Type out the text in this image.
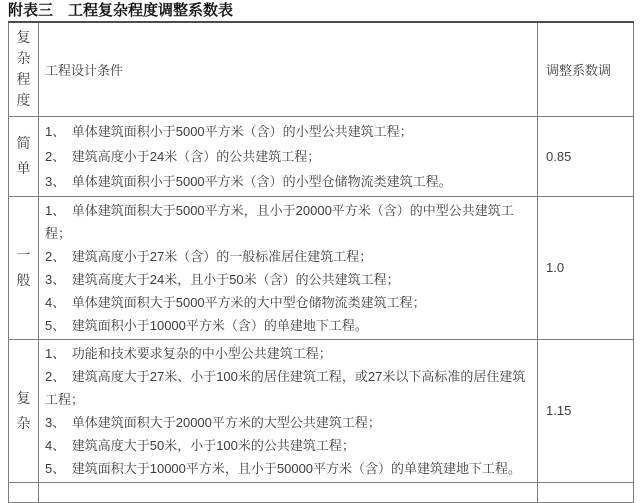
附表三　工程复杂程度调整系数表
复杂程度	工程设计条件	调整系数调
简单	1、　单体建筑面积小于5000平方米（含）的小型公共建筑工程；
2、　建筑高度小于24米（含）的公共建筑工程；
3、　单体建筑面积小于5000平方米（含）的小型仓储物流类建筑工程。	0.85
一般	1、　单体建筑面积大于5000平方米，且小于20000平方米（含）的中型公共建筑工程；
2、　建筑高度小于27米（含）的一般标准居住建筑工程；
3、　建筑高度大于24米，且小于50米（含）的公共建筑工程；
4、　单体建筑面积大于5000平方米的大中型仓储物流类建筑工程；
5、　建筑面积小于10000平方米（含）的单建地下工程。	1.0
复杂	1、　功能和技术要求复杂的中小型公共建筑工程；
2、　建筑高度大于27米、小于100米的居住建筑工程，或27米以下高标准的居住建筑工程；
3、　单体建筑面积大于20000平方米的大型公共建筑工程；
4、　建筑高度大于50米，小于100米的公共建筑工程；
5、　建筑面积大于10000平方米，且小于50000平方米（含）的单建筑建地下工程。	1.15
